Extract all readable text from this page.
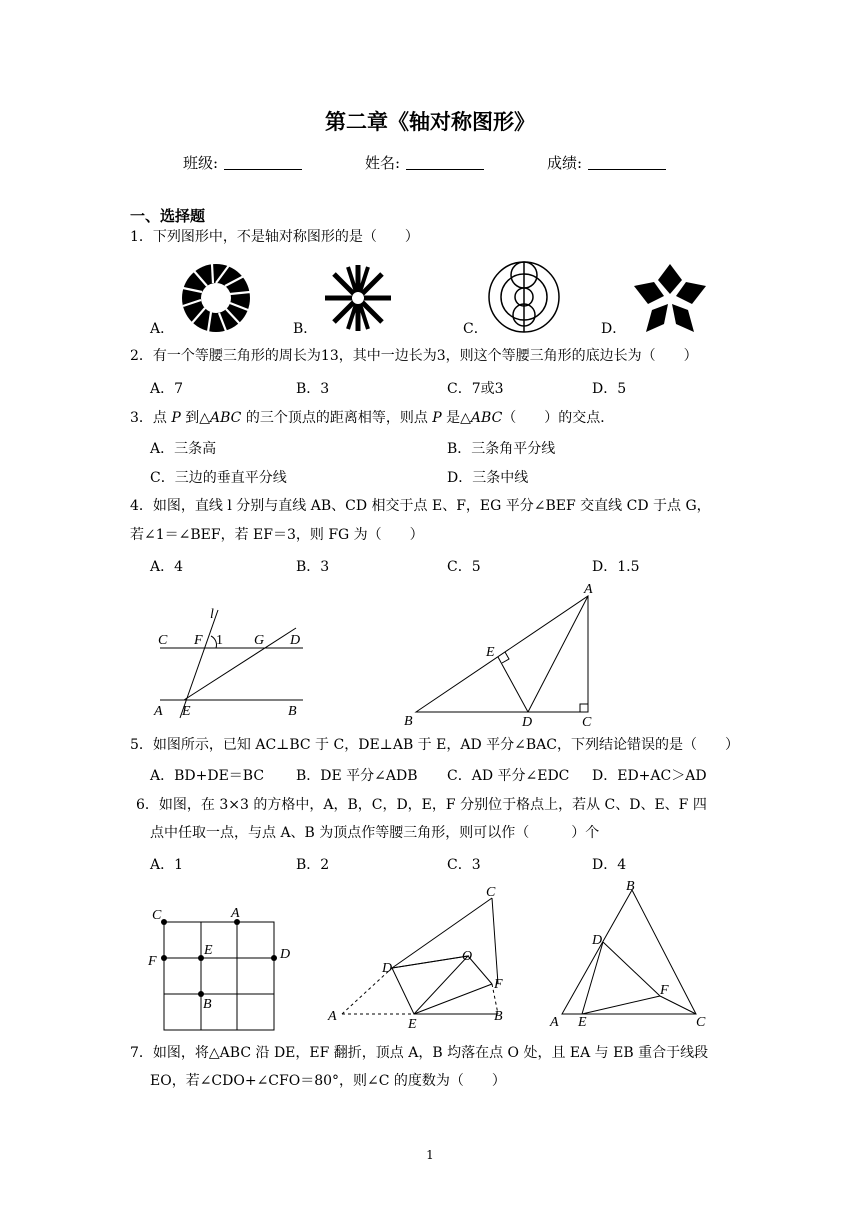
第二章《轴对称图形》
班级:	姓名:	成绩:
一、选择题
1．下列图形中，不是轴对称图形的是（　　）
A．	B．	C．	D．
2．有一个等腰三角形的周长为13，其中一边长为3，则这个等腰三角形的底边长为（　　）
A．7	B．3	C．7或3	D．5
3．点 P 到△ABC 的三个顶点的距离相等，则点 P 是△ABC（　　）的交点．
A．三条高	B．三条角平分线
C．三边的垂直平分线	D．三条中线
4．如图，直线 l 分别与直线 AB、CD 相交于点 E、F，EG 平分∠BEF 交直线 CD 于点 G，
若∠1＝∠BEF，若 EF＝3，则 FG 为（　　）
A．4	B．3	C．5	D．1.5
l
C F 1 G D
A E	B
A
E
B	D	C
5．如图所示，已知 AC⊥BC 于 C，DE⊥AB 于 E，AD 平分∠BAC，下列结论错误的是（　　）
A．BD+DE＝BC B．DE 平分∠ADB C．AD 平分∠EDC D．ED+AC＞AD
6．如图，在 3×3 的方格中，A，B，C，D，E，F 分别位于格点上，若从 C、D、E、F 四
点中任取一点，与点 A、B 为顶点作等腰三角形，则可以作（　　　）个
A．1	B．2	C．3	D．4
C	A
F
E	D
B
C
D
O
F
A
E
B
B
D
F
A E	C
7．如图，将△ABC 沿 DE，EF 翻折，顶点 A，B 均落在点 O 处，且 EA 与 EB 重合于线段
EO，若∠CDO+∠CFO＝80°，则∠C 的度数为（　　）
1
